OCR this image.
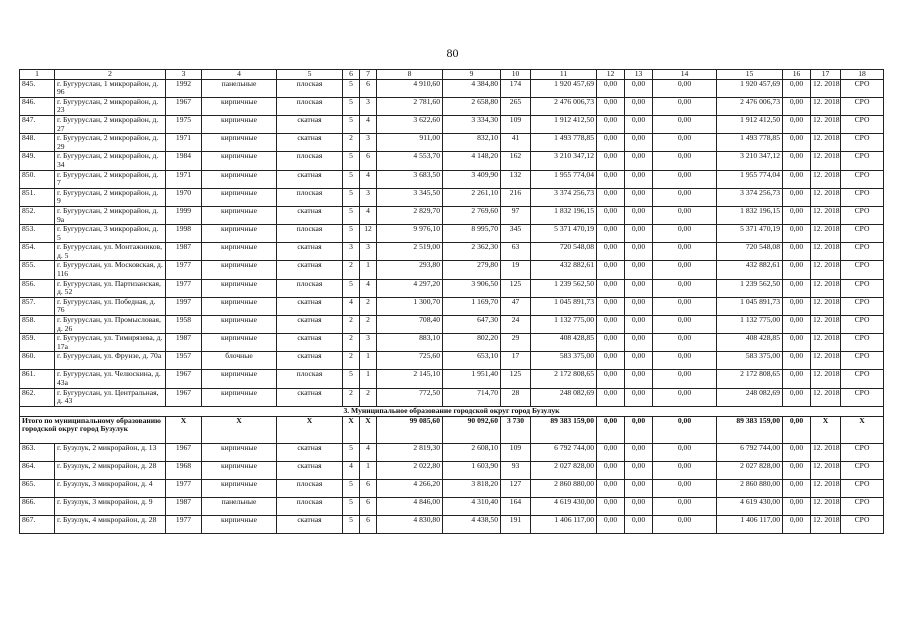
80
1	2	3	4	5	6	7	8	9	10	11	12	13	14	15	16	17	18
845.	г. Бугуруслан, 1 микрорайон, д. 96	1992	панельные	плоская	5	6	4 910,60	4 384,80	174	1 920 457,69	0,00	0,00	0,00	1 920 457,69	0,00	12. 2018	СРО
846.	г. Бугуруслан, 2 микрорайон, д. 23	1967	кирпичные	плоская	5	3	2 781,60	2 658,80	265	2 476 006,73	0,00	0,00	0,00	2 476 006,73	0,00	12. 2018	СРО
847.	г. Бугуруслан, 2 микрорайон, д. 27	1975	кирпичные	скатная	5	4	3 622,60	3 334,30	109	1 912 412,50	0,00	0,00	0,00	1 912 412,50	0,00	12. 2018	СРО
848.	г. Бугуруслан, 2 микрорайон, д. 29	1971	кирпичные	скатная	2	3	911,00	832,10	41	1 493 778,85	0,00	0,00	0,00	1 493 778,85	0,00	12. 2018	СРО
849.	г. Бугуруслан, 2 микрорайон, д. 34	1984	кирпичные	плоская	5	6	4 553,70	4 148,20	162	3 210 347,12	0,00	0,00	0,00	3 210 347,12	0,00	12. 2018	СРО
850.	г. Бугуруслан, 2 микрорайон, д. 7	1971	кирпичные	скатная	5	4	3 683,50	3 409,90	132	1 955 774,04	0,00	0,00	0,00	1 955 774,04	0,00	12. 2018	СРО
851.	г. Бугуруслан, 2 микрорайон, д. 9	1970	кирпичные	плоская	5	3	3 345,50	2 261,10	216	3 374 256,73	0,00	0,00	0,00	3 374 256,73	0,00	12. 2018	СРО
852.	г. Бугуруслан, 2 микрорайон, д. 9а	1999	кирпичные	скатная	5	4	2 829,70	2 769,60	97	1 832 196,15	0,00	0,00	0,00	1 832 196,15	0,00	12. 2018	СРО
853.	г. Бугуруслан, 3 микрорайон, д. 5	1998	кирпичные	плоская	5	12	9 976,10	8 995,70	345	5 371 470,19	0,00	0,00	0,00	5 371 470,19	0,00	12. 2018	СРО
854.	г. Бугуруслан, ул. Монтажников, д. 5	1987	кирпичные	скатная	3	3	2 519,00	2 362,30	63	720 548,08	0,00	0,00	0,00	720 548,08	0,00	12. 2018	СРО
855.	г. Бугуруслан, ул. Московская, д. 116	1977	кирпичные	скатная	2	1	293,80	279,80	19	432 882,61	0,00	0,00	0,00	432 882,61	0,00	12. 2018	СРО
856.	г. Бугуруслан, ул. Партизанская, д. 52	1977	кирпичные	плоская	5	4	4 297,20	3 906,50	125	1 239 562,50	0,00	0,00	0,00	1 239 562,50	0,00	12. 2018	СРО
857.	г. Бугуруслан, ул. Победная, д. 76	1997	кирпичные	скатная	4	2	1 300,70	1 169,70	47	1 045 891,73	0,00	0,00	0,00	1 045 891,73	0,00	12. 2018	СРО
858.	г. Бугуруслан, ул. Промысловая, д. 26	1958	кирпичные	скатная	2	2	708,40	647,30	24	1 132 775,00	0,00	0,00	0,00	1 132 775,00	0,00	12. 2018	СРО
859.	г. Бугуруслан, ул. Тимирязева, д. 17а	1987	кирпичные	скатная	2	3	883,10	802,20	29	408 428,85	0,00	0,00	0,00	408 428,85	0,00	12. 2018	СРО
860.	г. Бугуруслан, ул. Фрунзе, д. 70а	1957	блочные	скатная	2	1	725,60	653,10	17	583 375,00	0,00	0,00	0,00	583 375,00	0,00	12. 2018	СРО
861.	г. Бугуруслан, ул. Челюскина, д. 43а	1967	кирпичные	плоская	5	1	2 145,10	1 951,40	125	2 172 808,65	0,00	0,00	0,00	2 172 808,65	0,00	12. 2018	СРО
862.	г. Бугуруслан, ул. Центральная, д. 43	1967	кирпичные	скатная	2	2	772,50	714,70	28	248 082,69	0,00	0,00	0,00	248 082,69	0,00	12. 2018	СРО
3. Муниципальное образование городской округ город Бузулук																	
Итого по муниципальному образованию городской округ город Бузулук		X	X	X	X	X	99 085,60	90 092,60	3 730	89 383 159,00	0,00	0,00	0,00	89 383 159,00	0,00	X	X
863.	г. Бузулук, 2 микрорайон, д. 13	1967	кирпичные	скатная	5	4	2 819,30	2 608,10	109	6 792 744,00	0,00	0,00	0,00	6 792 744,00	0,00	12. 2018	СРО
864.	г. Бузулук, 2 микрорайон, д. 28	1968	кирпичные	скатная	4	1	2 022,80	1 603,90	93	2 027 828,00	0,00	0,00	0,00	2 027 828,00	0,00	12. 2018	СРО
865.	г. Бузулук, 3 микрорайон, д. 4	1977	кирпичные	плоская	5	6	4 266,20	3 818,20	127	2 860 880,00	0,00	0,00	0,00	2 860 880,00	0,00	12. 2018	СРО
866.	г. Бузулук, 3 микрорайон, д. 9	1987	панельные	плоская	5	6	4 846,00	4 310,40	164	4 619 430,00	0,00	0,00	0,00	4 619 430,00	0,00	12. 2018	СРО
867.	г. Бузулук, 4 микрорайон, д. 28	1977	кирпичные	скатная	5	6	4 830,80	4 438,50	191	1 406 117,00	0,00	0,00	0,00	1 406 117,00	0,00	12. 2018	СРО
